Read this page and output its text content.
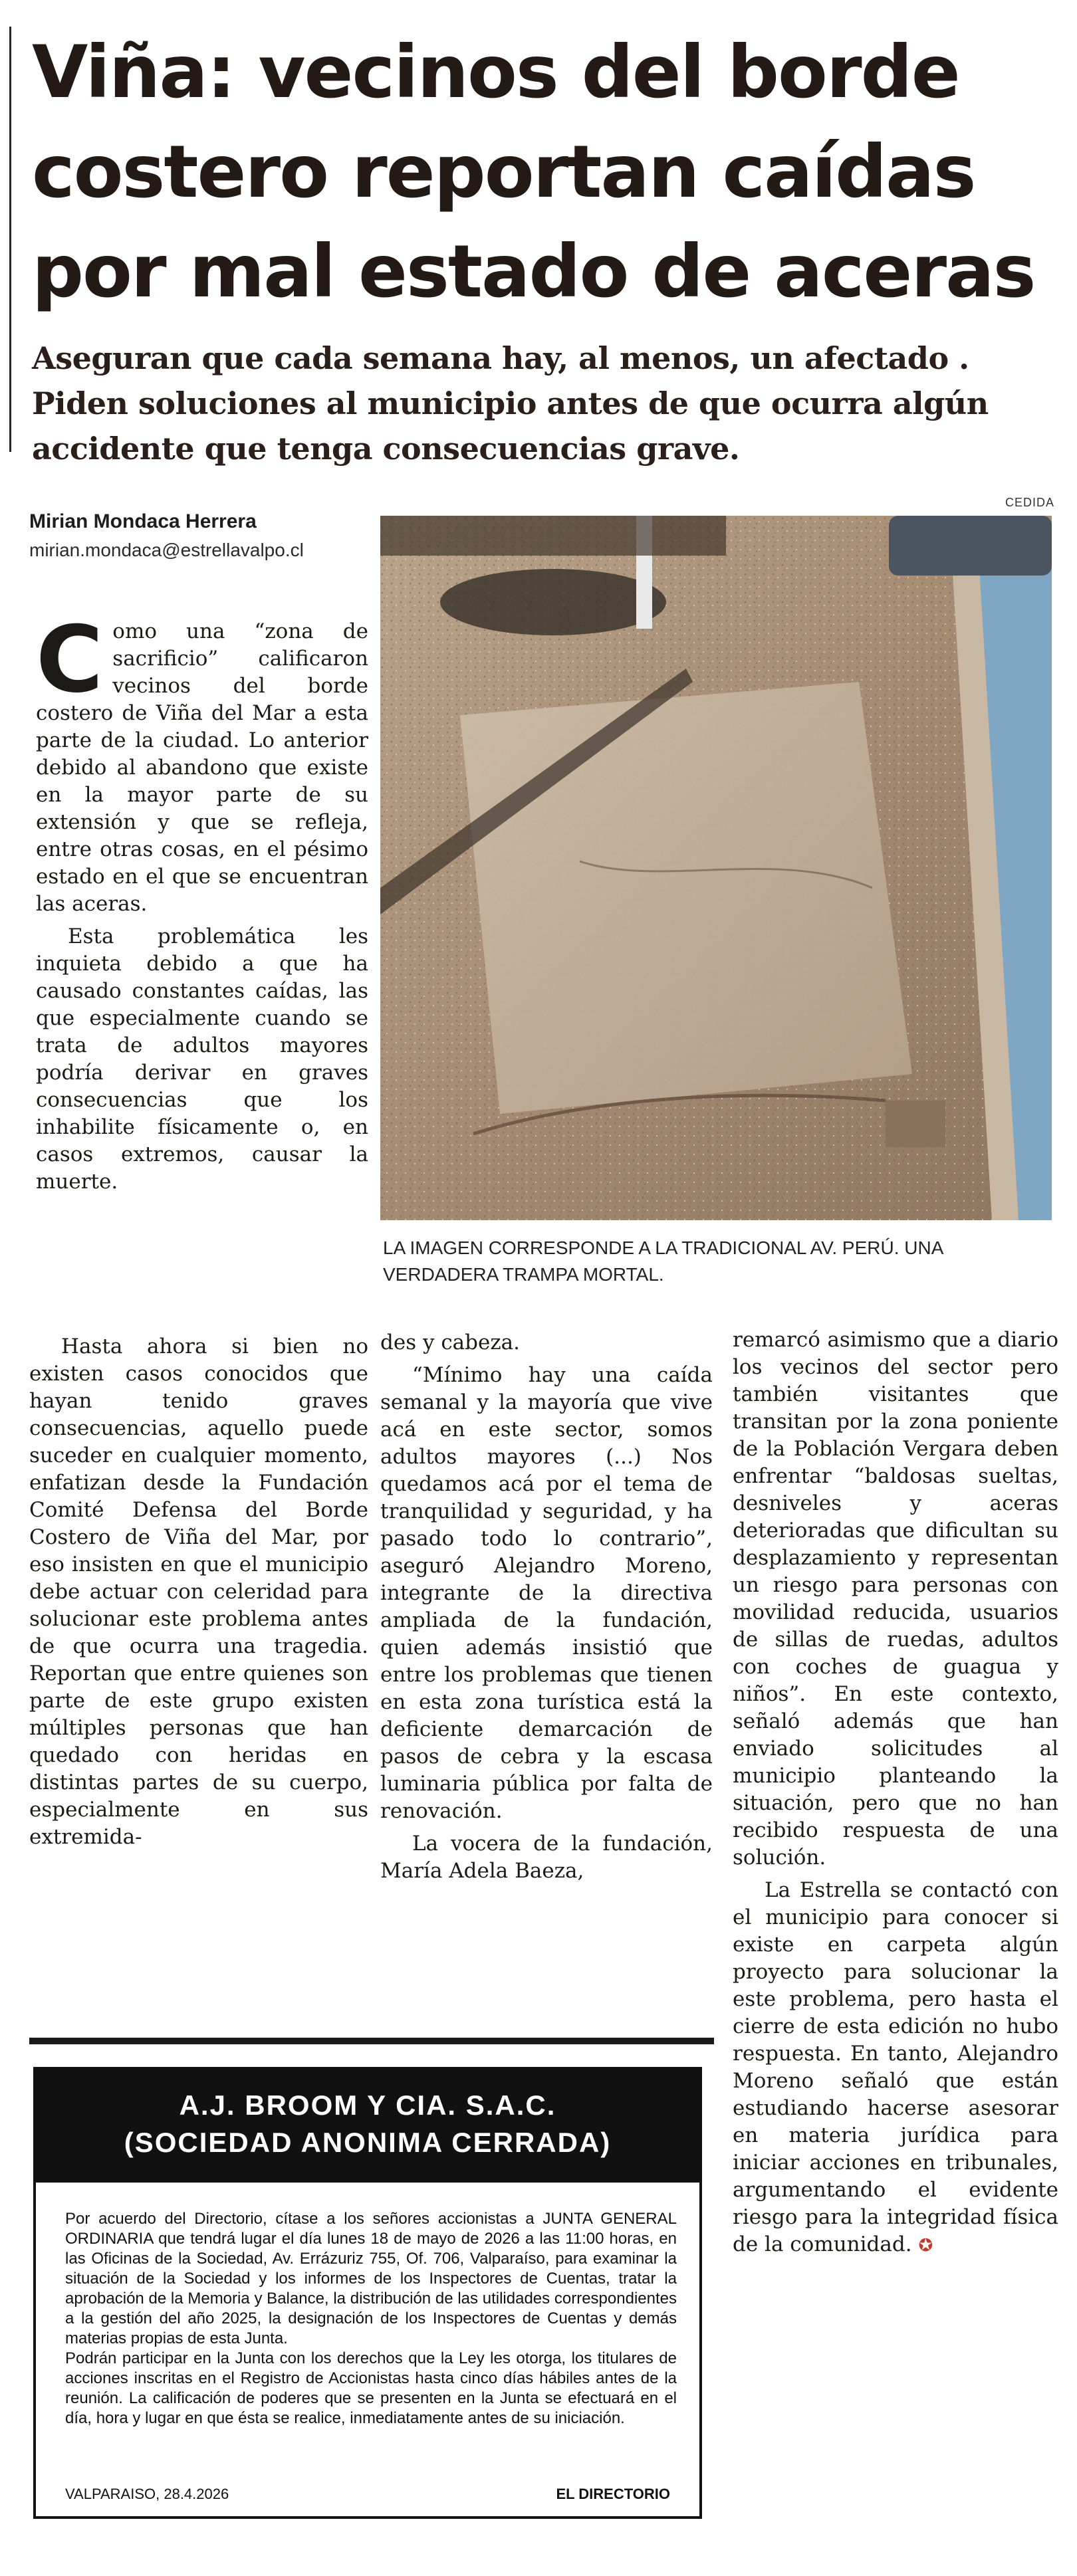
Viña: vecinos del borde
costero reportan caídas
por mal estado de aceras
Aseguran que cada semana hay, al menos, un afectado .
Piden soluciones al municipio antes de que ocurra algún
accidente que tenga consecuencias grave.
Mirian Mondaca Herrera
mirian.mondaca@estrellavalpo.cl
CEDIDA
LA IMAGEN CORRESPONDE A LA TRADICIONAL AV. PERÚ. UNA
VERDADERA TRAMPA MORTAL.

Como una “zona de sacrificio” calificaron vecinos del borde costero de Viña del Mar a esta parte de la ciudad. Lo anterior debido al abandono que existe en la mayor parte de su extensión y que se refleja, entre otras cosas, en el pésimo estado en el que se encuentran las aceras.

Esta problemática les inquieta debido a que ha causado constantes caídas, las que especialmente cuando se trata de adultos mayores podría derivar en graves consecuencias que los inhabilite físicamente o, en casos extremos, causar la muerte.

Hasta ahora si bien no existen casos conocidos que hayan tenido graves consecuencias, aquello puede suceder en cualquier momento, enfatizan desde la Fundación Comité Defensa del Borde Costero de Viña del Mar, por eso insisten en que el municipio debe actuar con celeridad para solucionar este problema antes de que ocurra una tragedia. Reportan que entre quienes son parte de este grupo existen múltiples personas que han quedado con heridas en distintas partes de su cuerpo, especialmente en sus extremida-

des y cabeza.

“Mínimo hay una caída semanal y la mayoría que vive acá en este sector, somos adultos mayores (...) Nos quedamos acá por el tema de tranquilidad y seguridad, y ha pasado todo lo contrario”, aseguró Alejandro Moreno, integrante de la directiva ampliada de la fundación, quien además insistió que entre los problemas que tienen en esta zona turística está la deficiente demarcación de pasos de cebra y la escasa luminaria pública por falta de renovación.

La vocera de la fundación, María Adela Baeza,

remarcó asimismo que a diario los vecinos del sector pero también visitantes que transitan por la zona poniente de la Población Vergara deben enfrentar “baldosas sueltas, desniveles y aceras deterioradas que dificultan su desplazamiento y representan un riesgo para personas con movilidad reducida, usuarios de sillas de ruedas, adultos con coches de guagua y niños”. En este contexto, señaló además que han enviado solicitudes al municipio planteando la situación, pero que no han recibido respuesta de una solución.

La Estrella se contactó con el municipio para conocer si existe en carpeta algún proyecto para solucionar la este problema, pero hasta el cierre de esta edición no hubo respuesta. En tanto, Alejandro Moreno señaló que están estudiando hacerse asesorar en materia jurídica para iniciar acciones en tribunales, argumentando el evidente riesgo para la integridad física de la comunidad. ✪

A.J. BROOM Y CIA. S.A.C.
(SOCIEDAD ANONIMA CERRADA)

Por acuerdo del Directorio, cítase a los señores accionistas a JUNTA GENERAL ORDINARIA que tendrá lugar el día lunes 18 de mayo de 2026 a las 11:00 horas, en las Oficinas de la Sociedad, Av. Errázuriz 755, Of. 706, Valparaíso, para examinar la situación de la Sociedad y los informes de los Inspectores de Cuentas, tratar la aprobación de la Memoria y Balance, la distribución de las utilidades correspondientes a la gestión del año 2025, la designación de los Inspectores de Cuentas y demás materias propias de esta Junta.

Podrán participar en la Junta con los derechos que la Ley les otorga, los titulares de acciones inscritas en el Registro de Accionistas hasta cinco días hábiles antes de la reunión. La calificación de poderes que se presenten en la Junta se efectuará en el día, hora y lugar en que ésta se realice, inmediatamente antes de su iniciación.

VALPARAISO, 28.4.2026	EL DIRECTORIO
